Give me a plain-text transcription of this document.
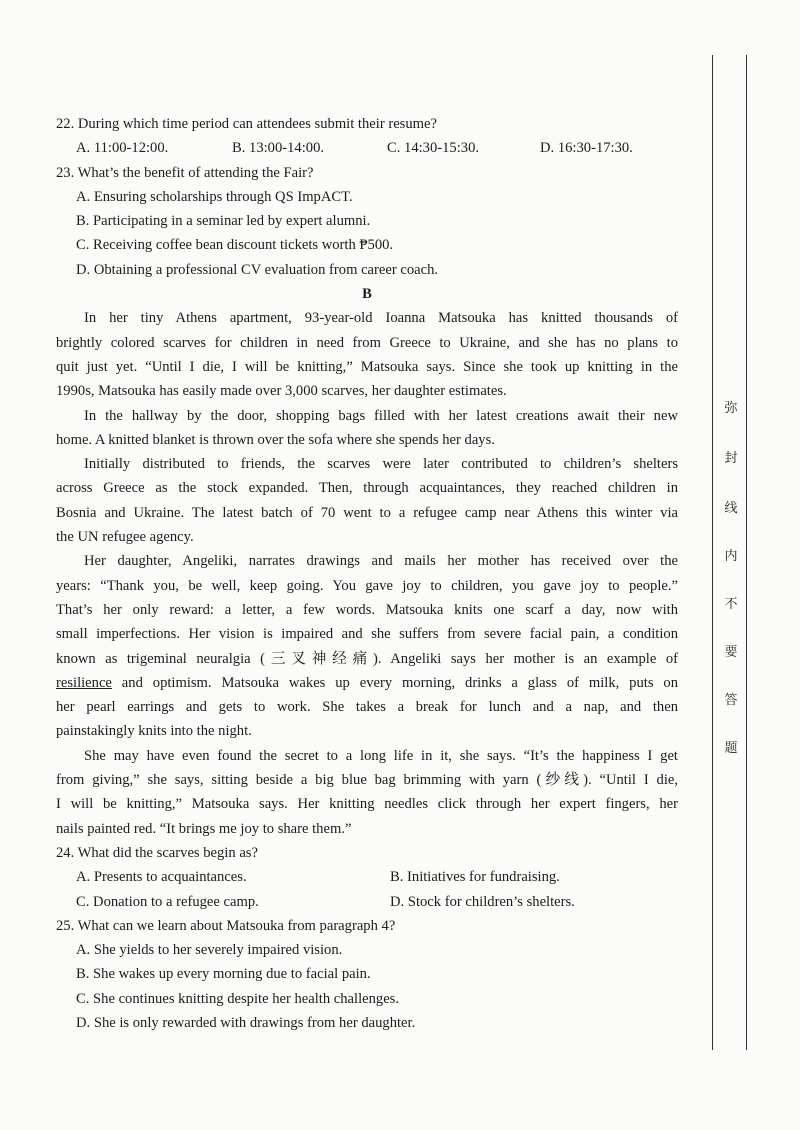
弥
封
线
内
不
要
答
题
22. During which time period can attendees submit their resume?
A. 11:00-12:00.	B. 13:00-14:00.	C. 14:30-15:30.	D. 16:30-17:30.
23. What’s the benefit of attending the Fair?
A. Ensuring scholarships through QS ImpACT.
B. Participating in a seminar led by expert alumni.
C. Receiving coffee bean discount tickets worth ₱500.
D. Obtaining a professional CV evaluation from career coach.
B
In her tiny Athens apartment, 93-year-old Ioanna Matsouka has knitted thousands of
brightly colored scarves for children in need from Greece to Ukraine, and she has no plans to
quit just yet. “Until I die, I will be knitting,” Matsouka says. Since she took up knitting in the
1990s, Matsouka has easily made over 3,000 scarves, her daughter estimates.
In the hallway by the door, shopping bags filled with her latest creations await their new
home. A knitted blanket is thrown over the sofa where she spends her days.
Initially distributed to friends, the scarves were later contributed to children’s shelters
across Greece as the stock expanded. Then, through acquaintances, they reached children in
Bosnia and Ukraine. The latest batch of 70 went to a refugee camp near Athens this winter via
the UN refugee agency.
Her daughter, Angeliki, narrates drawings and mails her mother has received over the
years: “Thank you, be well, keep going. You gave joy to children, you gave joy to people.”
That’s her only reward: a letter, a few words. Matsouka knits one scarf a day, now with
small imperfections. Her vision is impaired and she suffers from severe facial pain, a condition
known as trigeminal neuralgia (三叉神经痛). Angeliki says her mother is an example of
resilience and optimism. Matsouka wakes up every morning, drinks a glass of milk, puts on
her pearl earrings and gets to work. She takes a break for lunch and a nap, and then
painstakingly knits into the night.
She may have even found the secret to a long life in it, she says. “It’s the happiness I get
from giving,” she says, sitting beside a big blue bag brimming with yarn (纱线). “Until I die,
I will be knitting,” Matsouka says. Her knitting needles click through her expert fingers, her
nails painted red. “It brings me joy to share them.”
24. What did the scarves begin as?
A. Presents to acquaintances.	B. Initiatives for fundraising.
C. Donation to a refugee camp.	D. Stock for children’s shelters.
25. What can we learn about Matsouka from paragraph 4?
A. She yields to her severely impaired vision.
B. She wakes up every morning due to facial pain.
C. She continues knitting despite her health challenges.
D. She is only rewarded with drawings from her daughter.
